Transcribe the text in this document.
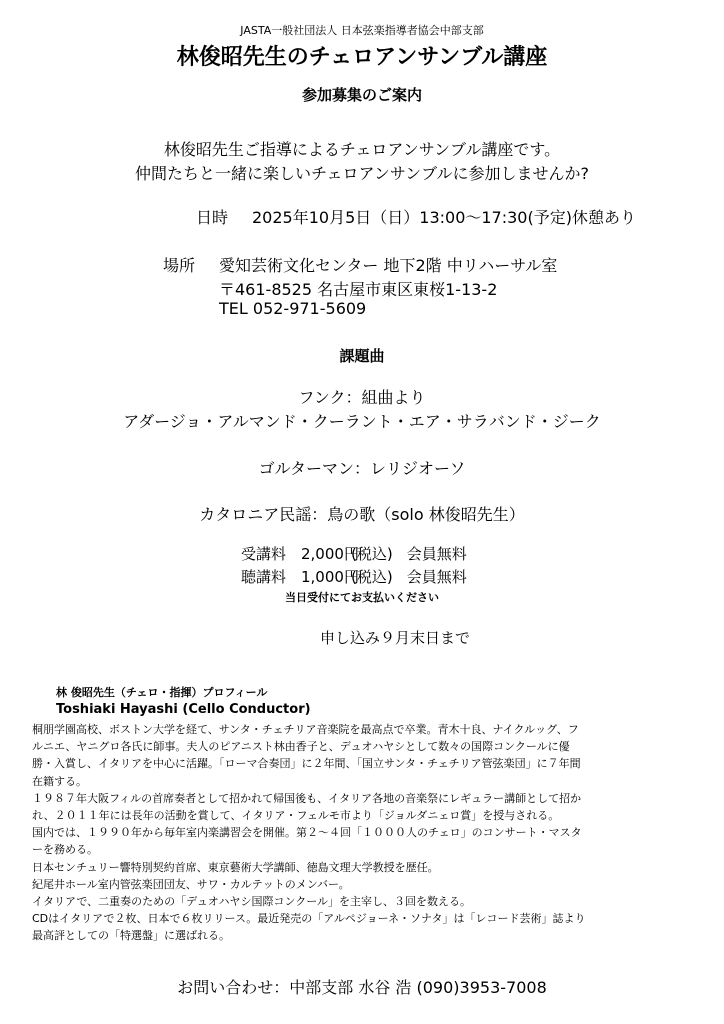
JASTA一般社団法人 日本弦楽指導者協会中部支部
林俊昭先生のチェロアンサンブル講座
参加募集のご案内
林俊昭先生ご指導によるチェロアンサンブル講座です。
仲間たちと一緒に楽しいチェロアンサンブルに参加しませんか?
日時 2025年10月5日（日）13:00～17:30(予定)休憩あり
場所 愛知芸術文化センター 地下2階 中リハーサル室
〒461-8525 名古屋市東区東桜1-13-2
TEL 052-971-5609
課題曲
フンク：組曲より
アダージョ・アルマンド・クーラント・エア・サラバンド・ジーク
ゴルターマン：レリジオーソ
カタロニア民謡：鳥の歌（solo 林俊昭先生）
受講料 2,000円(税込) 会員無料
聴講料 1,000円(税込) 会員無料
当日受付にてお支払いください
申し込み９月末日まで
林 俊昭先生（チェロ・指揮）プロフィール
Toshiaki Hayashi (Cello Conductor)
桐朋学園高校、ボストン大学を経て、サンタ・チェチリア音楽院を最高点で卒業。青木十良、ナイクルッグ、フ
ルニエ、ヤニグロ各氏に師事。夫人のピアニスト林由香子と、デュオハヤシとして数々の国際コンクールに優
勝・入賞し、イタリアを中心に活躍。「ローマ合奏団」に２年間、「国立サンタ・チェチリア管弦楽団」に７年間
在籍する。
１９８７年大阪フィルの首席奏者として招かれて帰国後も、イタリア各地の音楽祭にレギュラー講師として招か
れ、２０１１年には長年の活動を賞して、イタリア・フェルモ市より「ジョルダニェロ賞」を授与される。
国内では、１９９０年から毎年室内楽講習会を開催。第２～４回「１０００人のチェロ」のコンサート・マスタ
ーを務める。
日本センチュリー響特別契約首席、東京藝術大学講師、徳島文理大学教授を歴任。
紀尾井ホール室内管弦楽団団友、サワ・カルテットのメンバー。
イタリアで、二重奏のための「デュオハヤシ国際コンクール」を主宰し、３回を数える。
CDはイタリアで２枚、日本で６枚リリース。最近発売の「アルペジョーネ・ソナタ」は「レコード芸術」誌より
最高評としての「特選盤」に選ばれる。
お問い合わせ：中部支部 水谷 浩 (090)3953-7008
